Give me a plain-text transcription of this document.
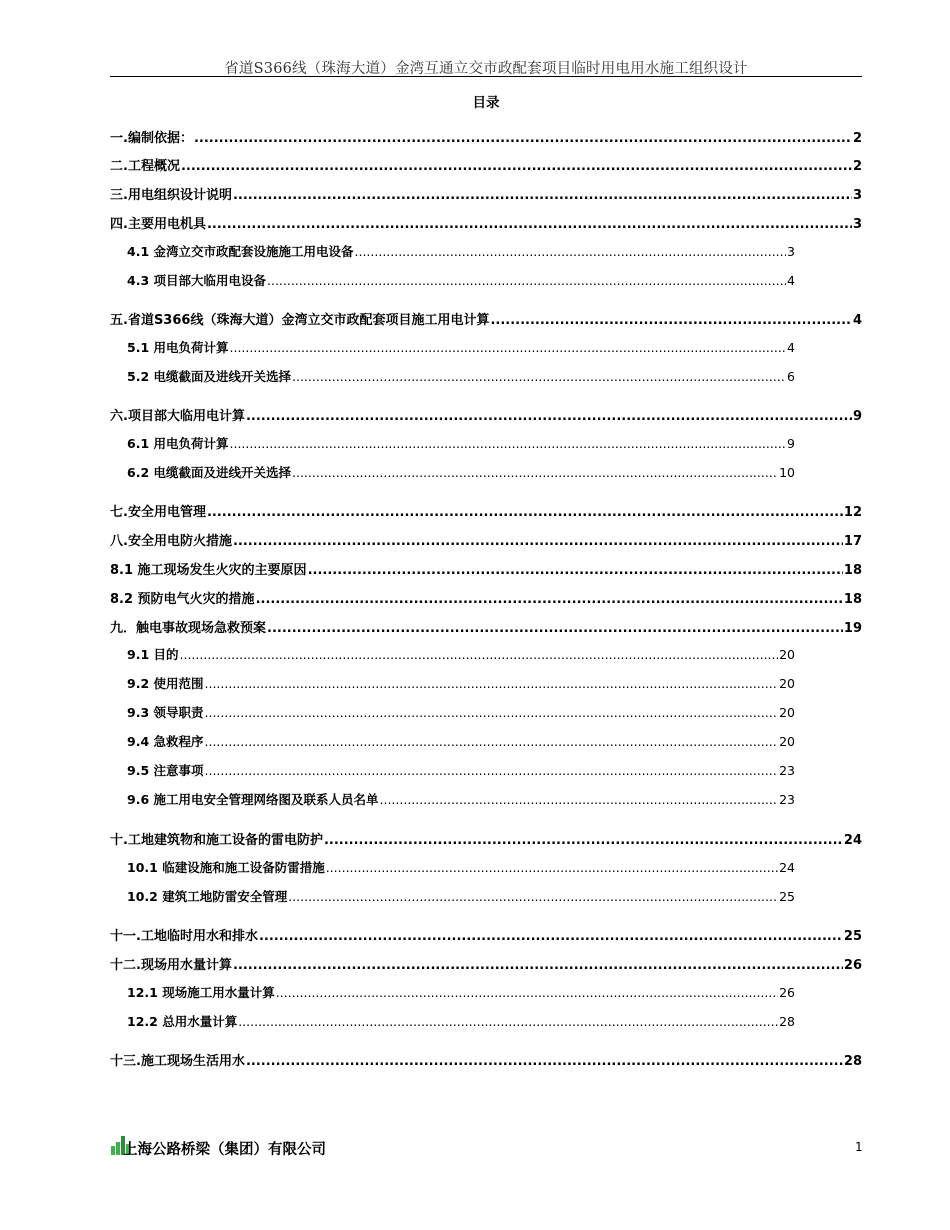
省道S366线（珠海大道）金湾互通立交市政配套项目临时用电用水施工组织设计
目录
一.编制依据： .....	2
二.工程概况 .....	2
三.用电组织设计说明 .....	3
四.主要用电机具 .....	3
4.1 金湾立交市政配套设施施工用电设备 .....	3
4.3 项目部大临用电设备 .....	4
五.省道S366线（珠海大道）金湾立交市政配套项目施工用电计算 .....	4
5.1 用电负荷计算 .....	4
5.2 电缆截面及进线开关选择 .....	6
六.项目部大临用电计算 .....	9
6.1 用电负荷计算 .....	9
6.2 电缆截面及进线开关选择 .....	10
七.安全用电管理 .....	12
八.安全用电防火措施 .....	17
8.1 施工现场发生火灾的主要原因 .....	18
8.2 预防电气火灾的措施 .....	18
九．触电事故现场急救预案 .....	19
9.1 目的 .....	20
9.2 使用范围 .....	20
9.3 领导职责 .....	20
9.4 急救程序 .....	20
9.5 注意事项 .....	23
9.6 施工用电安全管理网络图及联系人员名单 .....	23
十.工地建筑物和施工设备的雷电防护 .....	24
10.1 临建设施和施工设备防雷措施 .....	24
10.2 建筑工地防雷安全管理 .....	25
十一.工地临时用水和排水 .....	25
十二.现场用水量计算 .....	26
12.1 现场施工用水量计算 .....	26
12.2 总用水量计算 .....	28
十三.施工现场生活用水 .....	28
上海公路桥梁（集团）有限公司	1
